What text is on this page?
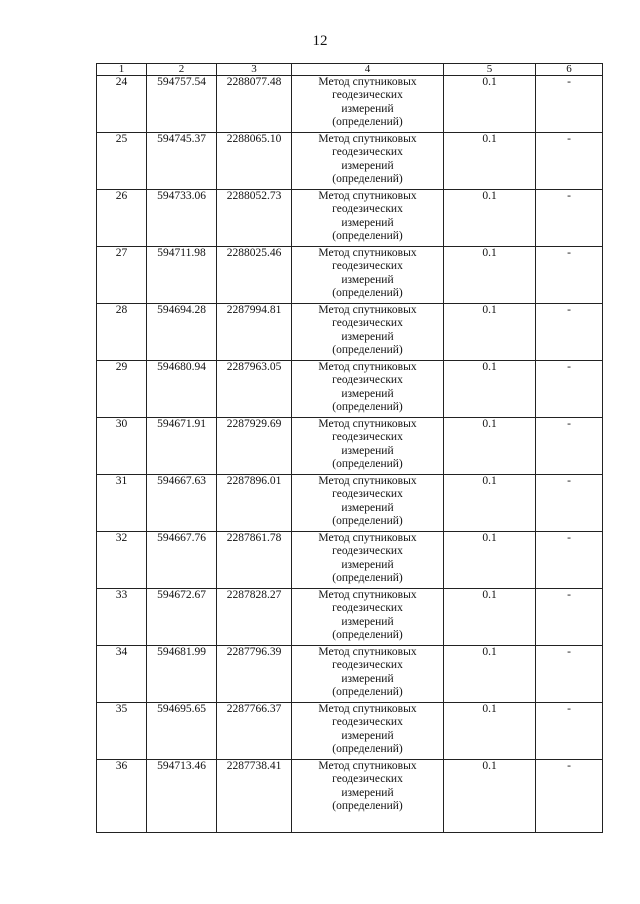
12
1	2	3	4	5	6
24	594757.54	2288077.48	Метод спутниковых
геодезических
измерений
(определений)	0.1	-
25	594745.37	2288065.10	Метод спутниковых
геодезических
измерений
(определений)	0.1	-
26	594733.06	2288052.73	Метод спутниковых
геодезических
измерений
(определений)	0.1	-
27	594711.98	2288025.46	Метод спутниковых
геодезических
измерений
(определений)	0.1	-
28	594694.28	2287994.81	Метод спутниковых
геодезических
измерений
(определений)	0.1	-
29	594680.94	2287963.05	Метод спутниковых
геодезических
измерений
(определений)	0.1	-
30	594671.91	2287929.69	Метод спутниковых
геодезических
измерений
(определений)	0.1	-
31	594667.63	2287896.01	Метод спутниковых
геодезических
измерений
(определений)	0.1	-
32	594667.76	2287861.78	Метод спутниковых
геодезических
измерений
(определений)	0.1	-
33	594672.67	2287828.27	Метод спутниковых
геодезических
измерений
(определений)	0.1	-
34	594681.99	2287796.39	Метод спутниковых
геодезических
измерений
(определений)	0.1	-
35	594695.65	2287766.37	Метод спутниковых
геодезических
измерений
(определений)	0.1	-
36	594713.46	2287738.41	Метод спутниковых
геодезических
измерений
(определений)	0.1	-
